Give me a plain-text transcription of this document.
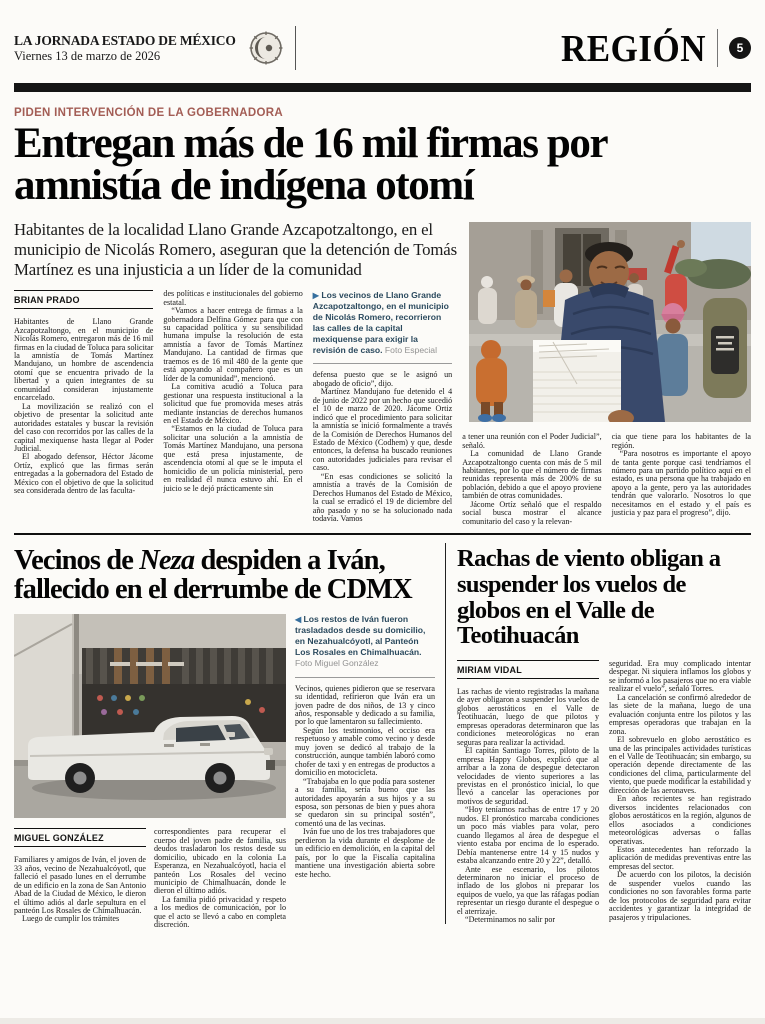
LA JORNADA ESTADO DE MÉXICO
Viernes 13 de marzo de 2026	REGIÓN	5
PIDEN INTERVENCIÓN DE LA GOBERNADORA
Entregan más de 16 mil firmas por amnistía de indígena otomí
Habitantes de la localidad Llano Grande Azcapotzaltongo, en el municipio de Nicolás Romero, aseguran que la detención de Tomás Martínez es una injusticia a un líder de la comunidad
BRIAN PRADO

Habitantes de Llano Grande Azcapotzaltongo, en el municipio de Nicolás Romero, entregaron más de 16 mil firmas en la ciudad de Toluca para solicitar la amnistía de Tomás Martínez Mandujano, un hombre de ascendencia otomí que se encuentra privado de la libertad y a quien integrantes de su comunidad consideran injustamente encarcelado.

La movilización se realizó con el objetivo de presentar la solicitud ante autoridades estatales y buscar la revisión del caso con recorridos por las calles de la capital mexiquense hasta llegar al Poder Judicial.

El abogado defensor, Héctor Jácome Ortíz, explicó que las firmas serán entregadas a la gobernadora del Estado de México con el objetivo de que la solicitud sea considerada dentro de las faculta-

des políticas e institucionales del gobierno estatal.

“Vamos a hacer entrega de firmas a la gobernadora Delfina Gómez para que con su capacidad política y su sensibilidad humana impulse la resolución de esta amnistía a favor de Tomás Martínez Mandujano. La cantidad de firmas que traemos es de 16 mil 480 de la gente que está apoyando al compañero que es un líder de la comunidad”, mencionó.

La comitiva acudió a Toluca para gestionar una respuesta institucional a la solicitud que fue promovida meses atrás mediante instancias de derechos humanos en el Estado de México.

“Estamos en la ciudad de Toluca para solicitar una solución a la amnistía de Tomás Martínez Mandujano, una persona que está presa injustamente, de ascendencia otomí al que se le imputa el homicidio de un policía ministerial, pero en realidad él nunca estuvo ahí. En el juicio se le dejó prácticamente sin

▶ Los vecinos de Llano Grande Azcapotzaltongo, en el municipio de Nicolás Romero, recorrieron las calles de la capital mexiquense para exigir la revisión de caso. Foto Especial

defensa puesto que se le asignó un abogado de oficio”, dijo.

Martínez Mandujano fue detenido el 4 de junio de 2022 por un hecho que sucedió el 10 de marzo de 2020. Jácome Ortiz indicó que el procedimiento para solicitar la amnistía se inició formalmente a través de la Comisión de Derechos Humanos del Estado de México (Codhem) y que, desde entonces, la defensa ha buscado reuniones con autoridades judiciales para revisar el caso.

“En esas condiciones se solicitó la amnistía a través de la Comisión de Derechos Humanos del Estado de México, la cual se erradicó el 19 de diciembre del año pasado y no se ha solucionado nada todavía. Vamos

a tener una reunión con el Poder Judicial”, señaló.

La comunidad de Llano Grande Azcapotzaltongo cuenta con más de 5 mil habitantes, por lo que el número de firmas reunidas representa más de 200% de su población, debido a que el apoyo proviene también de otras comunidades.

Jácome Ortíz señaló que el respaldo social busca mostrar el alcance comunitario del caso y la relevan-

cia que tiene para los habitantes de la región.

“Para nosotros es importante el apoyo de tanta gente porque casi tendríamos el número para un partido político aquí en el estado, es una persona que ha trabajado en apoyo a la gente, pero ya las autoridades tendrán que valorarlo. Nosotros lo que necesitamos en el estado y el país es justicia y paz para el progreso”, dijo.

Vecinos de Neza despiden a Iván, fallecido en el derrumbe de CDMX
MIGUEL GONZÁLEZ

Familiares y amigos de Iván, el joven de 33 años, vecino de Nezahualcóyotl, que falleció el pasado lunes en el derrumbe de un edificio en la zona de San Antonio Abad de la Ciudad de México, le dieron el último adiós al darle sepultura en el panteón Los Rosales de Chimalhuacán.

Luego de cumplir los trámites

correspondientes para recuperar el cuerpo del joven padre de familia, sus deudos trasladaron los restos desde su domicilio, ubicado en la colonia La Esperanza, en Nezahualcóyotl, hacia el panteón Los Rosales del vecino municipio de Chimalhuacán, donde le dieron el último adiós.

La familia pidió privacidad y respeto a los medios de comunicación, por lo que el acto se llevó a cabo en completa discreción.

◀ Los restos de Iván fueron trasladados desde su domicilio, en Nezahualcóyotl, al Panteón Los Rosales en Chimalhuacán.
Foto Miguel González

Vecinos, quienes pidieron que se reservara su identidad, refirieron que Iván era un joven padre de dos niños, de 13 y cinco años, responsable y dedicado a su familia, por lo que lamentaron su fallecimiento.

Según los testimonios, el occiso era respetuoso y amable como vecino y desde muy joven se dedicó al trabajo de la construcción, aunque también laboró como chofer de taxi y en entregas de productos a domicilio en motocicleta.

“Trabajaba en lo que podía para sostener a su familia, sería bueno que las autoridades apoyarán a sus hijos y a su esposa, son personas de bien y pues ahora se quedaron sin su principal sostén”, comentó una de las vecinas.

Iván fue uno de los tres trabajadores que perdieron la vida durante el desplome de un edificio en demolición, en la capital del país, por lo que la Fiscalía capitalina mantiene una investigación abierta sobre este hecho.

Rachas de viento obligan a suspender los vuelos de globos en el Valle de Teotihuacán
MIRIAM VIDAL

Las rachas de viento registradas la mañana de ayer obligaron a suspender los vuelos de globos aerostáticos en el Valle de Teotihuacán, luego de que pilotos y empresas operadoras determinaron que las condiciones meteorológicas no eran seguras para realizar la actividad.

El capitán Santiago Torres, piloto de la empresa Happy Globos, explicó que al arribar a la zona de despegue detectaron velocidades de viento superiores a las previstas en el pronóstico inicial, lo que llevó a cancelar las operaciones por motivos de seguridad.

“Hoy teníamos rachas de entre 17 y 20 nudos. El pronóstico marcaba condiciones un poco más viables para volar, pero cuando llegamos al área de despegue el viento estaba por encima de lo esperado. Debía mantenerse entre 14 y 15 nudos y estaba alcanzando entre 20 y 22”, detalló.

Ante ese escenario, los pilotos determinaron no iniciar el proceso de inflado de los globos ni preparar los equipos de vuelo, ya que las ráfagas podían representar un riesgo durante el despegue o el aterrizaje.

“Determinamos no salir por

seguridad. Era muy complicado intentar despegar. Ni siquiera inflamos los globos y se informó a los pasajeros que no era viable realizar el vuelo”, señaló Torres.

La cancelación se confirmó alrededor de las siete de la mañana, luego de una evaluación conjunta entre los pilotos y las empresas operadoras que trabajan en la zona.

El sobrevuelo en globo aerostático es una de las principales actividades turísticas en el Valle de Teotihuacán; sin embargo, su operación depende directamente de las condiciones del clima, particularmente del viento, que puede modificar la estabilidad y dirección de las aeronaves.

En años recientes se han registrado diversos incidentes relacionados con globos aerostáticos en la región, algunos de ellos asociados a condiciones meteorológicas adversas o fallas operativas.

Estos antecedentes han reforzado la aplicación de medidas preventivas entre las empresas del sector.

De acuerdo con los pilotos, la decisión de suspender vuelos cuando las condiciones no son favorables forma parte de los protocolos de seguridad para evitar accidentes y garantizar la integridad de pasajeros y tripulaciones.
